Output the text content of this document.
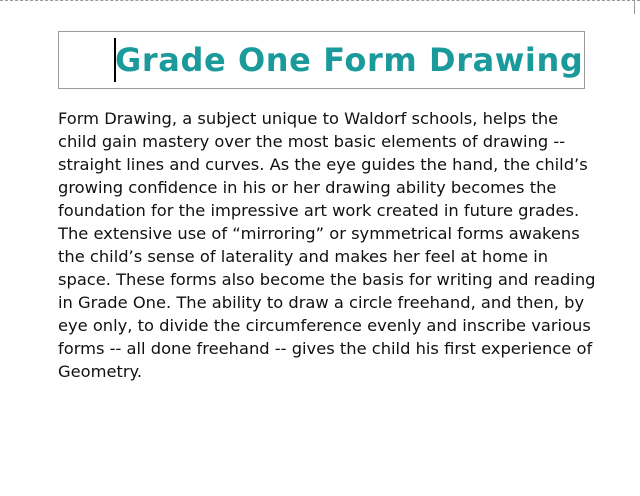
Grade One Form Drawing

Form Drawing, a subject unique to Waldorf schools, helps the child gain mastery over the most basic elements of drawing -- straight lines and curves. As the eye guides the hand, the child’s growing confidence in his or her drawing ability becomes the foundation for the impressive art work created in future grades.

The extensive use of “mirroring” or symmetrical forms awakens the child’s sense of laterality and makes her feel at home in space. These forms also become the basis for writing and reading in Grade One. The ability to draw a circle freehand, and then, by eye only, to divide the circumference evenly and inscribe various forms -- all done freehand -- gives the child his first experience of Geometry.
